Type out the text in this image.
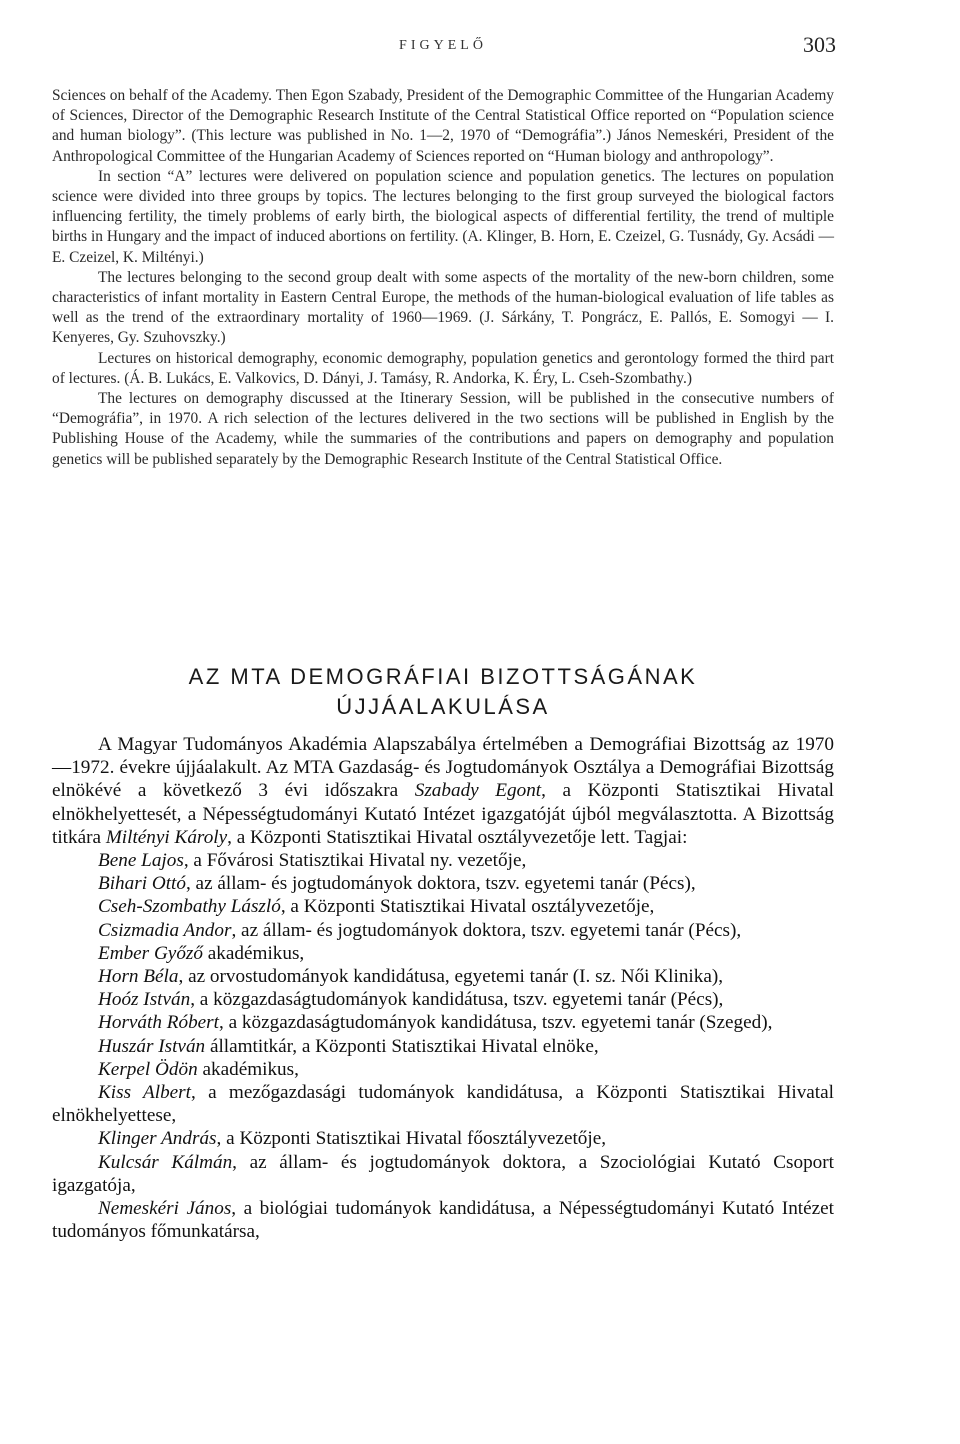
FIGYELŐ	303

Sciences on behalf of the Academy. Then Egon Szabady, President of the Demographic Committee of the Hungarian Academy of Sciences, Director of the Demographic Research Institute of the Central Statistical Office reported on “Population science and human biology”. (This lecture was published in No. 1—2, 1970 of “Demográfia”.) János Nemeskéri, President of the Anthropological Committee of the Hungarian Academy of Sciences reported on “Human biology and anthropology”.

In section “A” lectures were delivered on population science and population genetics. The lectures on population science were divided into three groups by topics. The lectures belonging to the first group surveyed the biological factors influencing fertility, the timely problems of early birth, the biological aspects of differential fertility, the trend of multiple births in Hungary and the impact of induced abortions on fertility. (A. Klinger, B. Horn, E. Czeizel, G. Tusnády, Gy. Acsádi — E. Czeizel, K. Miltényi.)

The lectures belonging to the second group dealt with some aspects of the mortality of the new-born children, some characteristics of infant mortality in Eastern Central Europe, the methods of the human-biological evaluation of life tables as well as the trend of the extraordinary mortality of 1960—1969. (J. Sárkány, T. Pongrácz, E. Pallós, E. Somogyi — I. Kenyeres, Gy. Szuhovszky.)

Lectures on historical demography, economic demography, population genetics and gerontology formed the third part of lectures. (Á. B. Lukács, E. Valkovics, D. Dányi, J. Tamásy, R. Andorka, K. Éry, L. Cseh-Szombathy.)

The lectures on demography discussed at the Itinerary Session, will be published in the consecutive numbers of “Demográfia”, in 1970. A rich selection of the lectures delivered in the two sections will be published in English by the Publishing House of the Academy, while the summaries of the contributions and papers on demography and population genetics will be published separately by the Demographic Research Institute of the Central Statistical Office.

AZ MTA DEMOGRÁFIAI BIZOTTSÁGÁNAK
ÚJJÁALAKULÁSA

A Magyar Tudományos Akadémia Alapszabálya értelmében a Demográfiai Bizottság az 1970—1972. évekre újjáalakult. Az MTA Gazdaság- és Jogtudományok Osztálya a Demográfiai Bizottság elnökévé a következő 3 évi időszakra Szabady Egont, a Központi Statisztikai Hivatal elnökhelyettesét, a Népességtudományi Kutató Intézet igazgatóját újból megválasztotta. A Bizottság titkára Miltényi Károly, a Központi Statisztikai Hivatal osztályvezetője lett. Tagjai:

Bene Lajos, a Fővárosi Statisztikai Hivatal ny. vezetője,

Bihari Ottó, az állam- és jogtudományok doktora, tszv. egyetemi tanár (Pécs),

Cseh-Szombathy László, a Központi Statisztikai Hivatal osztályvezetője,

Csizmadia Andor, az állam- és jogtudományok doktora, tszv. egyetemi tanár (Pécs),

Ember Győző akadémikus,

Horn Béla, az orvostudományok kandidátusa, egyetemi tanár (I. sz. Női Klinika),

Hoóz István, a közgazdaságtudományok kandidátusa, tszv. egyetemi tanár (Pécs),

Horváth Róbert, a közgazdaságtudományok kandidátusa, tszv. egyetemi tanár (Szeged),

Huszár István államtitkár, a Központi Statisztikai Hivatal elnöke,

Kerpel Ödön akadémikus,

Kiss Albert, a mezőgazdasági tudományok kandidátusa, a Központi Statisztikai Hivatal elnökhelyettese,

Klinger András, a Központi Statisztikai Hivatal főosztályvezetője,

Kulcsár Kálmán, az állam- és jogtudományok doktora, a Szociológiai Kutató Csoport igazgatója,

Nemeskéri János, a biológiai tudományok kandidátusa, a Népességtudományi Kutató Intézet tudományos főmunkatársa,
